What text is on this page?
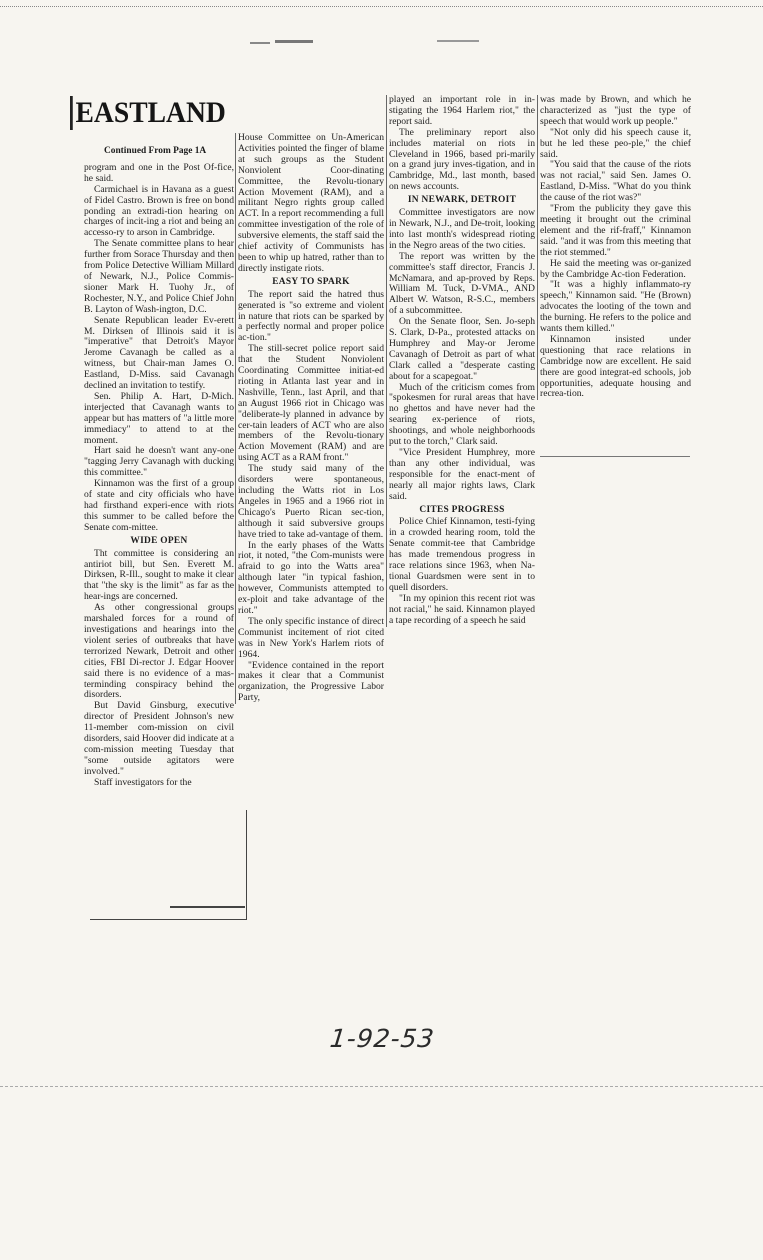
EASTLAND

Continued From Page 1A

program and one in the Post Of-fice, he said.

Carmichael is in Havana as a guest of Fidel Castro. Brown is free on bond ponding an extradi-tion hearing on charges of incit-ing a riot and being an accesso-ry to arson in Cambridge.

The Senate committee plans to hear further from Sorace Thursday and then from Police Detective William Millard of Newark, N.J., Police Commis-sioner Mark H. Tuohy Jr., of Rochester, N.Y., and Police Chief John B. Layton of Wash-ington, D.C.

Senate Republican leader Ev-erett M. Dirksen of Illinois said it is "imperative" that Detroit's Mayor Jerome Cavanagh be called as a witness, but Chair-man James O. Eastland, D-Miss. said Cavanagh declined an invitation to testify.

Sen. Philip A. Hart, D-Mich. interjected that Cavanagh wants to appear but has matters of "a little more immediacy" to attend to at the moment.

Hart said he doesn't want any-one "tagging Jerry Cavanagh with ducking this committee."

Kinnamon was the first of a group of state and city officials who have had firsthand experi-ence with riots this summer to be called before the Senate com-mittee.

WIDE OPEN

Tht committee is considering an antiriot bill, but Sen. Everett M. Dirksen, R-Ill., sought to make it clear that "the sky is the limit" as far as the hear-ings are concerned.

As other congressional groups marshaled forces for a round of investigations and hearings into the violent series of outbreaks that have terrorized Newark, Detroit and other cities, FBI Di-rector J. Edgar Hoover said there is no evidence of a mas-terminding conspiracy behind the disorders.

But David Ginsburg, executive director of President Johnson's new 11-member com-mission on civil disorders, said Hoover did indicate at a com-mission meeting Tuesday that "some outside agitators were involved."

Staff investigators for the

House Committee on Un-American Activities pointed the finger of blame at such groups as the Student Nonviolent Coor-dinating Committee, the Revolu-tionary Action Movement (RAM), and a militant Negro rights group called ACT. In a report recommending a full committee investigation of the role of subversive elements, the staff said the chief activity of Communists has been to whip up hatred, rather than to directly instigate riots.

EASY TO SPARK

The report said the hatred thus generated is "so extreme and violent in nature that riots can be sparked by a perfectly normal and proper police ac-tion."

The still-secret police report said that the Student Nonviolent Coordinating Committee initiat-ed rioting in Atlanta last year and in Nashville, Tenn., last April, and that an August 1966 riot in Chicago was "deliberate-ly planned in advance by cer-tain leaders of ACT who are also members of the Revolu-tionary Action Movement (RAM) and are using ACT as a RAM front."

The study said many of the disorders were spontaneous, including the Watts riot in Los Angeles in 1965 and a 1966 riot in Chicago's Puerto Rican sec-tion, although it said subversive groups have tried to take ad-vantage of them.

In the early phases of the Watts riot, it noted, "the Com-munists were afraid to go into the Watts area" although later "in typical fashion, however, Communists attempted to ex-ploit and take advantage of the riot."

The only specific instance of direct Communist incitement of riot cited was in New York's Harlem riots of 1964.

"Evidence contained in the report makes it clear that a Communist organization, the Progressive Labor Party,

played an important role in in-stigating the 1964 Harlem riot," the report said.

The preliminary report also includes material on riots in Cleveland in 1966, based pri-marily on a grand jury inves-tigation, and in Cambridge, Md., last month, based on news accounts.

IN NEWARK, DETROIT

Committee investigators are now in Newark, N.J., and De-troit, looking into last month's widespread rioting in the Negro areas of the two cities.

The report was written by the committee's staff director, Francis J. McNamara, and ap-proved by Reps. William M. Tuck, D-VMA., AND Albert W. Watson, R-S.C., members of a subcommittee.

On the Senate floor, Sen. Jo-seph S. Clark, D-Pa., protested attacks on Humphrey and May-or Jerome Cavanagh of Detroit as part of what Clark called a "desperate casting about for a scapegoat."

Much of the criticism comes from "spokesmen for rural areas that have no ghettos and have never had the searing ex-perience of riots, shootings, and whole neighborhoods put to the torch," Clark said.

"Vice President Humphrey, more than any other individual, was responsible for the enact-ment of nearly all major rights laws, Clark said.

CITES PROGRESS

Police Chief Kinnamon, testi-fying in a crowded hearing room, told the Senate commit-tee that Cambridge has made tremendous progress in race relations since 1963, when Na-tional Guardsmen were sent in to quell disorders.

"In my opinion this recent riot was not racial," he said. Kinnamon played a tape recording of a speech he said

was made by Brown, and which he characterized as "just the type of speech that would work up people."

"Not only did his speech cause it, but he led these peo-ple," the chief said.

"You said that the cause of the riots was not racial," said Sen. James O. Eastland, D-Miss. "What do you think the cause of the riot was?"

"From the publicity they gave this meeting it brought out the criminal element and the rif-fraff," Kinnamon said. "and it was from this meeting that the riot stemmed."

He said the meeting was or-ganized by the Cambridge Ac-tion Federation.

"It was a highly inflammato-ry speech," Kinnamon said. "He (Brown) advocates the looting of the town and the burning. He refers to the police and wants them killed."

Kinnamon insisted under questioning that race relations in Cambridge now are excellent. He said there are good integrat-ed schools, job opportunities, adequate housing and recrea-tion.

1-92-53
